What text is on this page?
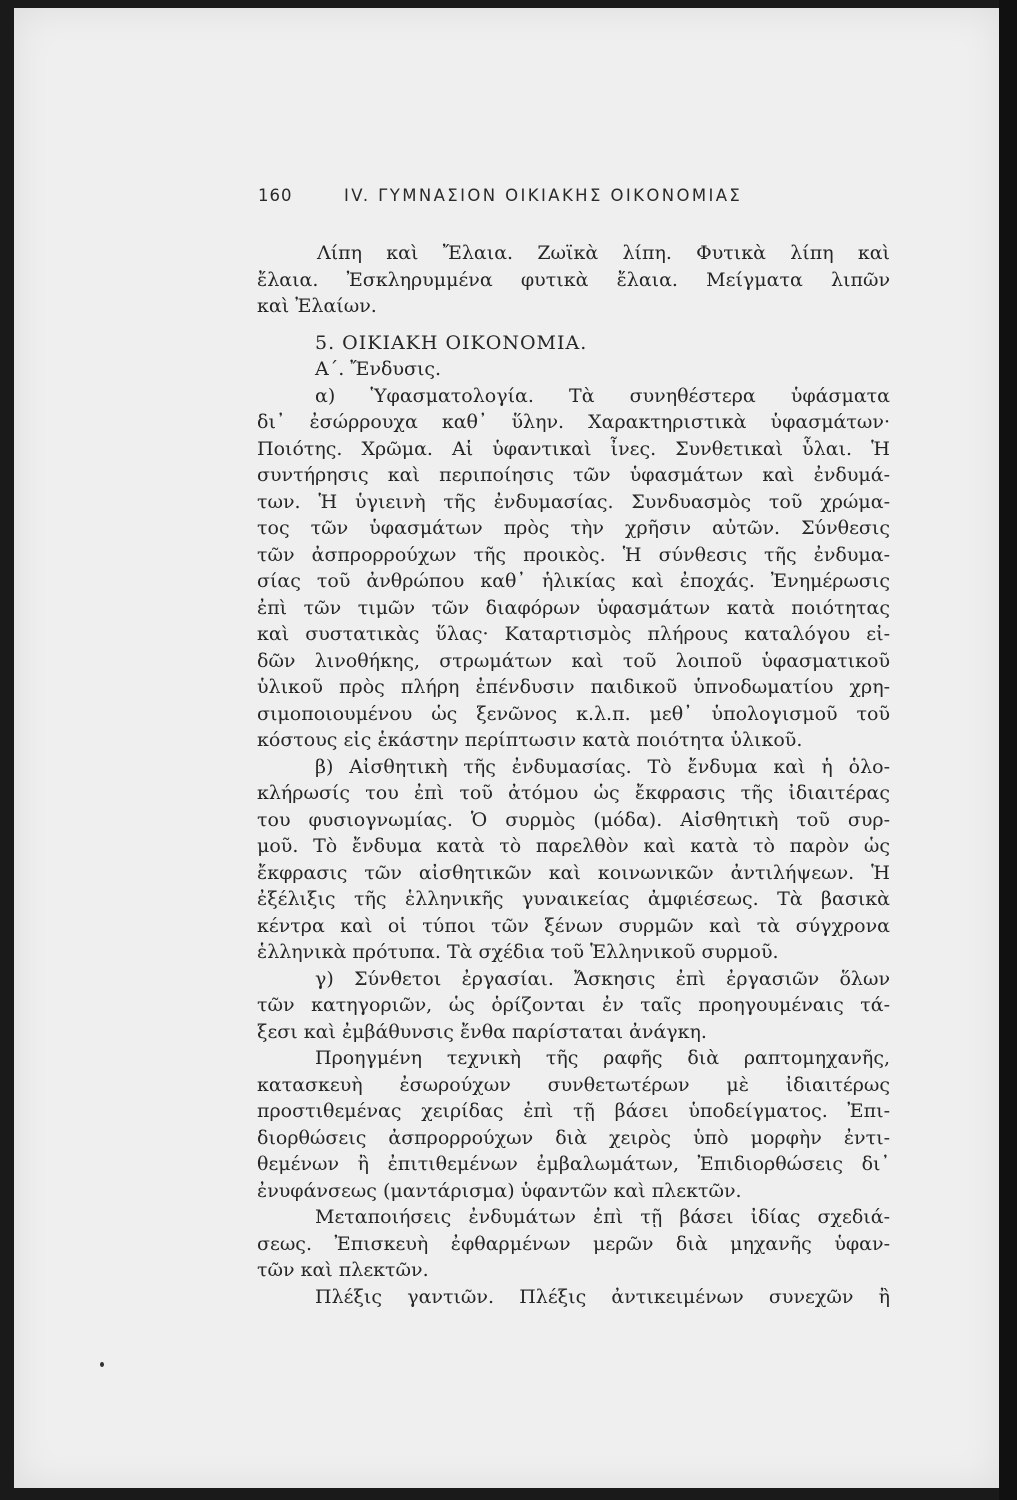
160	IV. ΓΥΜΝΑΣΙΟΝ ΟΙΚΙΑΚΗΣ ΟΙΚΟΝΟΜΙΑΣ
Λίπη καὶ Ἔλαια. Ζωϊκὰ λίπη. Φυτικὰ λίπη καὶ
ἔλαια. Ἐσκληρυμμένα φυτικὰ ἔλαια. Μείγματα λιπῶν
καὶ Ἐλαίων.
5. ΟΙΚΙΑΚΗ ΟΙΚΟΝΟΜΙΑ.
Α΄. Ἔνδυσις.
α) Ὑφασματολογία. Τὰ συνηθέστερα ὑφάσματα
δι᾽ ἐσώρρουχα καθ᾽ ὕλην. Χαρακτηριστικὰ ὑφασμάτων·
Ποιότης. Χρῶμα. Αἱ ὑφαντικαὶ ἶνες. Συνθετικαὶ ὗλαι. Ἡ
συντήρησις καὶ περιποίησις τῶν ὑφασμάτων καὶ ἐνδυμά-
των. Ἡ ὑγιεινὴ τῆς ἐνδυμασίας. Συνδυασμὸς τοῦ χρώμα-
τος τῶν ὑφασμάτων πρὸς τὴν χρῆσιν αὐτῶν. Σύνθεσις
τῶν ἀσπρορρούχων τῆς προικὸς. Ἡ σύνθεσις τῆς ἐνδυμα-
σίας τοῦ ἀνθρώπου καθ᾽ ἡλικίας καὶ ἐποχάς. Ἐνημέρωσις
ἐπὶ τῶν τιμῶν τῶν διαφόρων ὑφασμάτων κατὰ ποιότητας
καὶ συστατικὰς ὕλας· Καταρτισμὸς πλήρους καταλόγου εἰ-
δῶν λινοθήκης, στρωμάτων καὶ τοῦ λοιποῦ ὑφασματικοῦ
ὑλικοῦ πρὸς πλήρη ἐπένδυσιν παιδικοῦ ὑπνοδωματίου χρη-
σιμοποιουμένου ὡς ξενῶνος κ.λ.π. μεθ᾽ ὑπολογισμοῦ τοῦ
κόστους εἰς ἑκάστην περίπτωσιν κατὰ ποιότητα ὑλικοῦ.
β) Αἰσθητικὴ τῆς ἐνδυμασίας. Τὸ ἔνδυμα καὶ ἡ ὁλο-
κλήρωσίς του ἐπὶ τοῦ ἀτόμου ὡς ἔκφρασις τῆς ἰδιαιτέρας
του φυσιογνωμίας. Ὁ συρμὸς (μόδα). Αἰσθητικὴ τοῦ συρ-
μοῦ. Τὸ ἔνδυμα κατὰ τὸ παρελθὸν καὶ κατὰ τὸ παρὸν ὡς
ἔκφρασις τῶν αἰσθητικῶν καὶ κοινωνικῶν ἀντιλήψεων. Ἡ
ἐξέλιξις τῆς ἑλληνικῆς γυναικείας ἀμφιέσεως. Τὰ βασικὰ
κέντρα καὶ οἱ τύποι τῶν ξένων συρμῶν καὶ τὰ σύγχρονα
ἑλληνικὰ πρότυπα. Τὰ σχέδια τοῦ Ἑλληνικοῦ συρμοῦ.
γ) Σύνθετοι ἐργασίαι. Ἄσκησις ἐπὶ ἐργασιῶν ὅλων
τῶν κατηγοριῶν, ὡς ὁρίζονται ἐν ταῖς προηγουμέναις τά-
ξεσι καὶ ἐμβάθυνσις ἔνθα παρίσταται ἀνάγκη.
Προηγμένη τεχνικὴ τῆς ραφῆς διὰ ραπτομηχανῆς,
κατασκευὴ ἐσωρούχων συνθετωτέρων μὲ ἰδιαιτέρως
προστιθεμένας χειρίδας ἐπὶ τῇ βάσει ὑποδείγματος. Ἐπι-
διορθώσεις ἀσπρορρούχων διὰ χειρὸς ὑπὸ μορφὴν ἐντι-
θεμένων ἢ ἐπιτιθεμένων ἐμβαλωμάτων, Ἐπιδιορθώσεις δι᾽
ἐνυφάνσεως (μαντάρισμα) ὑφαντῶν καὶ πλεκτῶν.
Μεταποιήσεις ἐνδυμάτων ἐπὶ τῇ βάσει ἰδίας σχεδιά-
σεως. Ἐπισκευὴ ἐφθαρμένων μερῶν διὰ μηχανῆς ὑφαν-
τῶν καὶ πλεκτῶν.
Πλέξις γαντιῶν. Πλέξις ἀντικειμένων συνεχῶν ἢ
